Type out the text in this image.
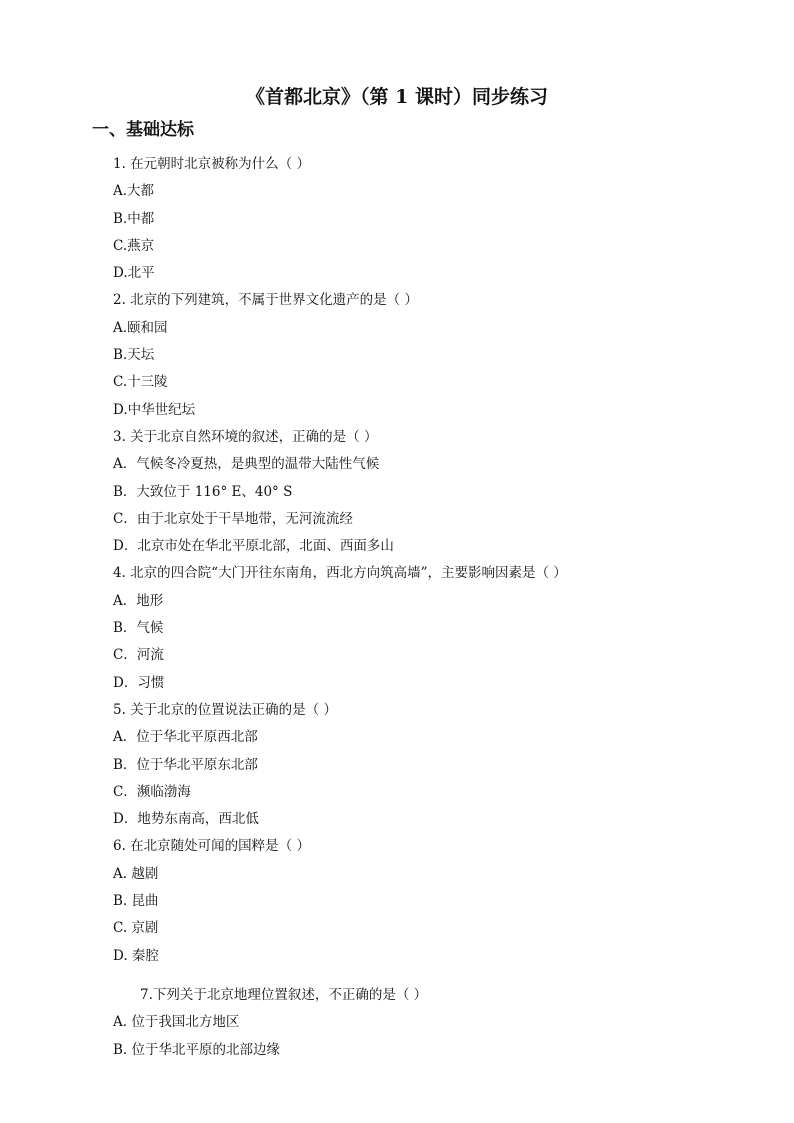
《首都北京》（第 1 课时）同步练习
一、基础达标
1. 在元朝时北京被称为什么（ ）
A.大都
B.中都
C.燕京
D.北平
2. 北京的下列建筑，不属于世界文化遗产的是（ ）
A.颐和园
B.天坛
C.十三陵
D.中华世纪坛
3. 关于北京自然环境的叙述，正确的是（ ）
A．气候冬冷夏热，是典型的温带大陆性气候
B．大致位于 116° E、40° S
C．由于北京处于干旱地带，无河流流经
D．北京市处在华北平原北部，北面、西面多山
4. 北京的四合院“大门开往东南角，西北方向筑高墙”，主要影响因素是（ ）
A．地形
B．气候
C．河流
D．习惯
5. 关于北京的位置说法正确的是（ ）
A．位于华北平原西北部
B．位于华北平原东北部
C．濒临渤海
D．地势东南高，西北低
6. 在北京随处可闻的国粹是（ ）
A. 越剧
B. 昆曲
C. 京剧
D. 秦腔
7.下列关于北京地理位置叙述，不正确的是（ ）
A. 位于我国北方地区
B. 位于华北平原的北部边缘
